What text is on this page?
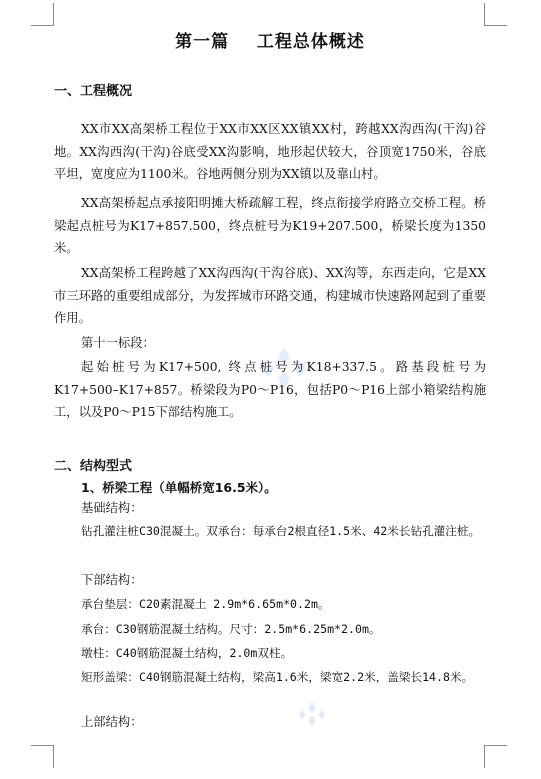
第一篇    工程总体概述
一、工程概况
XX市XX高架桥工程位于XX市XX区XX镇XX村，跨越XX沟西沟(干沟)谷地。XX沟西沟(干沟)谷底受XX沟影响，地形起伏较大，谷顶宽1750米，谷底平坦，宽度应为1100米。谷地两侧分别为XX镇以及靠山村。
XX高架桥起点承接阳明摊大桥疏解工程，终点衔接学府路立交桥工程。桥梁起点桩号为K17+857.500，终点桩号为K19+207.500，桥梁长度为1350米。
XX高架桥工程跨越了XX沟西沟(干沟谷底)、XX沟等，东西走向，它是XX市三环路的重要组成部分，为发挥城市环路交通，构建城市快速路网起到了重要作用。
第十一标段：
起始桩号为K17+500, 终点桩号为K18+337.5。路基段桩号为K17+500–K17+857。桥梁段为P0～P16，包括P0～P16上部小箱梁结构施工，以及P0～P15下部结构施工。
二、结构型式
1、桥梁工程（单幅桥宽16.5米）。
基础结构：
钻孔灌注桩C30混凝土。双承台：每承台2根直径1.5米、42米长钻孔灌注桩。
下部结构：
承台垫层：C20素混凝土 2.9m*6.65m*0.2m。
承台：C30钢筋混凝土结构。尺寸：2.5m*6.25m*2.0m。
墩柱：C40钢筋混凝土结构，2.0m双柱。
矩形盖梁：C40钢筋混凝土结构，梁高1.6米，梁宽2.2米，盖梁长14.8米。
上部结构：
